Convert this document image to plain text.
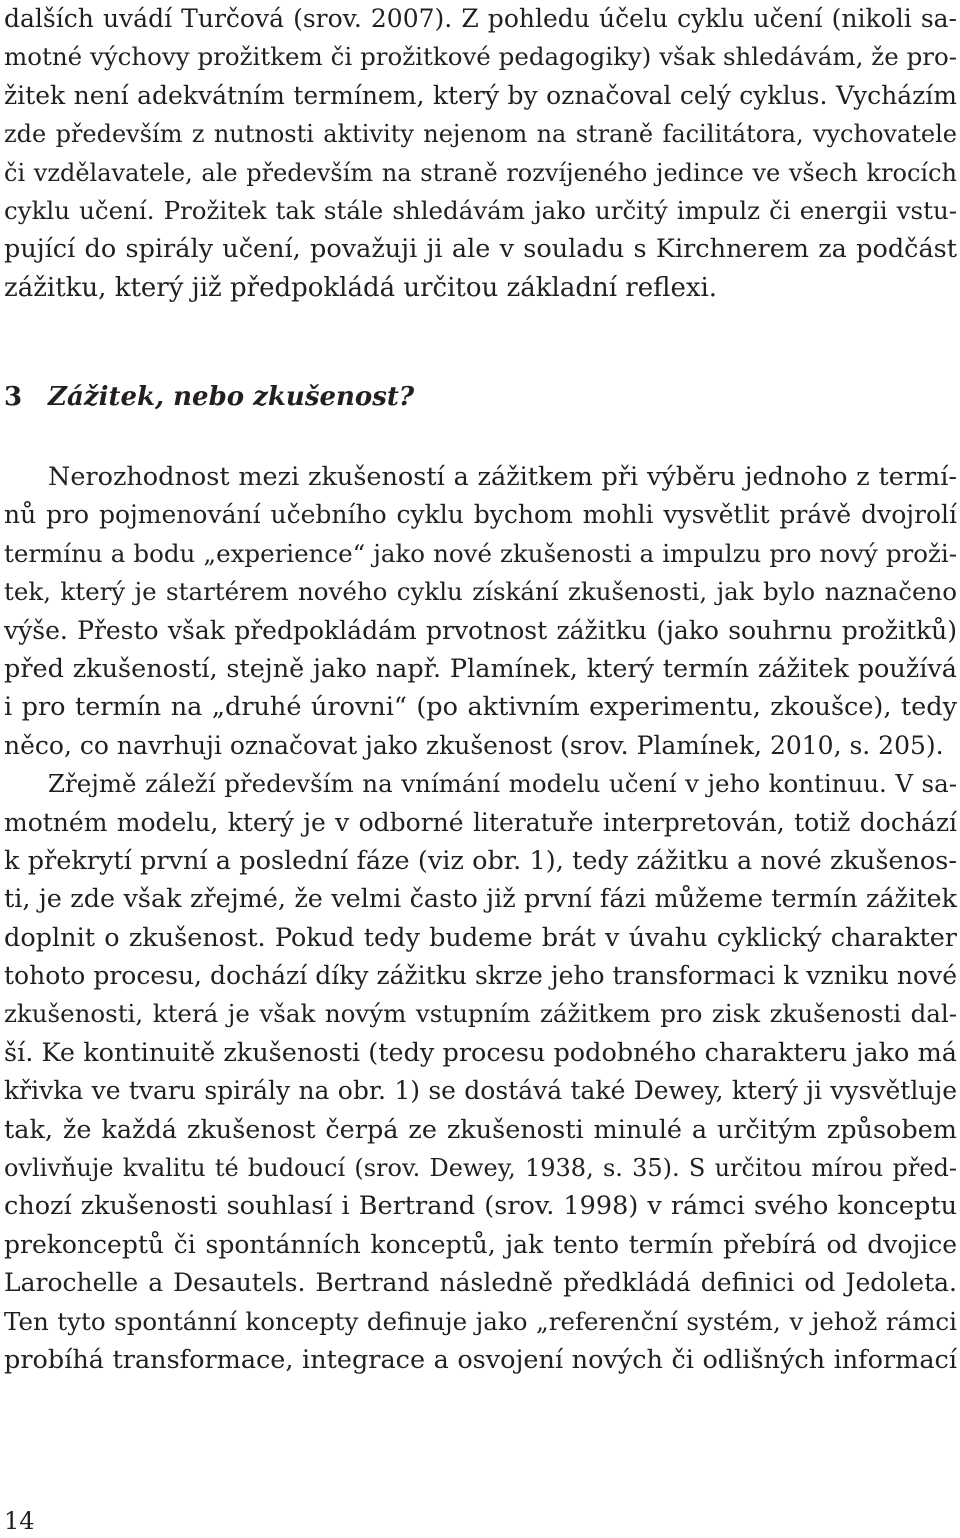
dalších uvádí Turčová (srov. 2007). Z pohledu účelu cyklu učení (nikoli sa-
motné výchovy prožitkem či prožitkové pedagogiky) však shledávám, že pro-
žitek není adekvátním termínem, který by označoval celý cyklus. Vycházím
zde především z nutnosti aktivity nejenom na straně facilitátora, vychovatele
či vzdělavatele, ale především na straně rozvíjeného jedince ve všech krocích
cyklu učení. Prožitek tak stále shledávám jako určitý impulz či energii vstu-
pující do spirály učení, považuji ji ale v souladu s Kirchnerem za podčást
zážitku, který již předpokládá určitou základní reflexi.
3 Zážitek, nebo zkušenost?
Nerozhodnost mezi zkušeností a zážitkem při výběru jednoho z termí-
nů pro pojmenování učebního cyklu bychom mohli vysvětlit právě dvojrolí
termínu a bodu „experience“ jako nové zkušenosti a impulzu pro nový proži-
tek, který je startérem nového cyklu získání zkušenosti, jak bylo naznačeno
výše. Přesto však předpokládám prvotnost zážitku (jako souhrnu prožitků)
před zkušeností, stejně jako např. Plamínek, který termín zážitek používá
i pro termín na „druhé úrovni“ (po aktivním experimentu, zkoušce), tedy
něco, co navrhuji označovat jako zkušenost (srov. Plamínek, 2010, s. 205).
Zřejmě záleží především na vnímání modelu učení v jeho kontinuu. V sa-
motném modelu, který je v odborné literatuře interpretován, totiž dochází
k překrytí první a poslední fáze (viz obr. 1), tedy zážitku a nové zkušenos-
ti, je zde však zřejmé, že velmi často již první fázi můžeme termín zážitek
doplnit o zkušenost. Pokud tedy budeme brát v úvahu cyklický charakter
tohoto procesu, dochází díky zážitku skrze jeho transformaci k vzniku nové
zkušenosti, která je však novým vstupním zážitkem pro zisk zkušenosti dal-
ší. Ke kontinuitě zkušenosti (tedy procesu podobného charakteru jako má
křivka ve tvaru spirály na obr. 1) se dostává také Dewey, který ji vysvětluje
tak, že každá zkušenost čerpá ze zkušenosti minulé a určitým způsobem
ovlivňuje kvalitu té budoucí (srov. Dewey, 1938, s. 35). S určitou mírou před-
chozí zkušenosti souhlasí i Bertrand (srov. 1998) v rámci svého konceptu
prekonceptů či spontánních konceptů, jak tento termín přebírá od dvojice
Larochelle a Desautels. Bertrand následně předkládá definici od Jedoleta.
Ten tyto spontánní koncepty definuje jako „referenční systém, v jehož rámci
probíhá transformace, integrace a osvojení nových či odlišných informací
14
